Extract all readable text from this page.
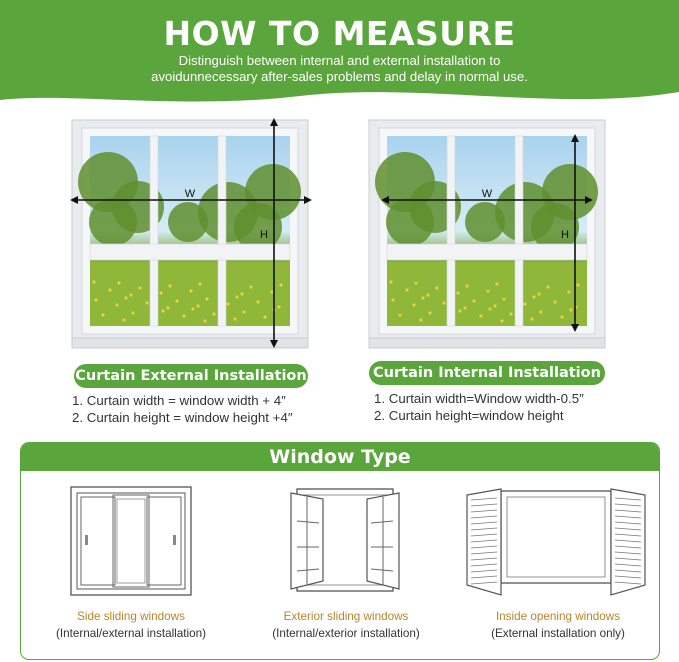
HOW TO MEASURE
Distinguish between internal and external installation to
avoidunnecessary after-sales problems and delay in normal use.
W
H
W
H
Curtain External Installation
1. Curtain width = window width + 4″
2. Curtain height = window height +4″
Curtain Internal Installation
1. Curtain width=Window width-0.5″
2. Curtain height=window height
Window Type
Side sliding windows
(Internal/external installation)
Exterior sliding windows
(Internal/exterior installation)
Inside opening windows
(External installation only)
